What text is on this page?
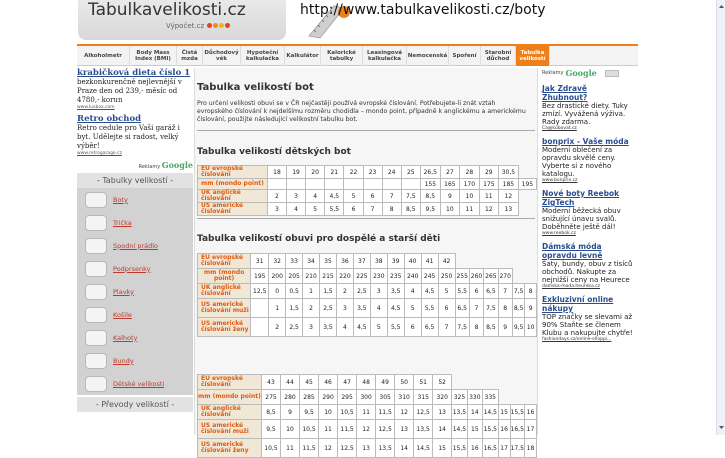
Tabulkavelikosti.cz
Výpočet.cz
http://www.tabulkavelikosti.cz/boty
Alkoholmetr	Body Mass Index (BMI)
Čistá mzda
Důchodový věk
Hypoteční kalkulačka	Kalkulátor	Kalorické tabulky
Leasingová kalkulačka	Nemocenská Spoření	Starobní důchod
Tabulka velikostí
krabičková dieta číslo 1
bezkonkurenčně nejlevnější v Praze den od 239,- měsíc od 4780,- korun
www.lusbox.com
Retro obchod
Retro cedule pro Vaši garáž i byt. Udělejte si radost, velký výběr!
www.retrogarage.cz
Reklamy Google
- Tabulky velikostí -
Boty
Trička
Spodní prádlo
Podprsenky
Plavky
Košile
Kalhoty
Bundy
Dětské velikosti
- Převody velikostí -
Tabulka velikostí bot
Pro určení velikosti obuvi se v ČR nejčastěji používá evropské číslování. Potřebujete-li znát vztah evropského číslování k nejdelšímu rozměru chodidla – mondo point, případně k anglickému a americkému číslování, použijte následující velikostní tabulku bot.
Tabulka velikostí dětských bot
EU evropské číslování	18	19	20	21	22	23	24	25	26,5	27	28	29	30,5	
mm (mondo point)									155	165	170	175	185	195
UK anglické číslování	2	3	4	4,5	5	6	7	7,5	8,5	9	10	11	12	
US americké číslování	3	4	5	5,5	6	7	8	8,5	9,5	10	11	12	13	
Tabulka velikostí obuvi pro dospělé a starší děti
EU evropské číslování	31	32	33	34	35	36	37	38	39	40	41	42						
mm (mondo point)	195	200	205	210	215	220	225	230	235	240	245	250	255	260	265	270		
UK anglické číslování	12,5	0	0,5	1	1,5	2	2,5	3	3,5	4	4,5	5	5,5	6	6,5	7	7,5	8
US americké číslování muži		1	1,5	2	2,5	3	3,5	4	4,5	5	5,5	6	6,5	7	7,5	8	8,5	9
US americké číslování ženy		2	2,5	3	3,5	4	4,5	5	5,5	6	6,5	7	7,5	8	8,5	9	9,5	10
EU evropské číslování	43	44	45	46	47	48	49	50	51	52						
mm (mondo point)	275	280	285	290	295	300	305	310	315	320	325	330	335			
UK anglické číslování	8,5	9	9,5	10	10,5	11	11,5	12	12,5	13	13,5	14	14,5	15	15,5	16
US americké číslování muži	9,5	10	10,5	11	11,5	12	12,5	13	13,5	14	14,5	15	15,5	16	16,5	17
US americké číslování ženy	10,5	11	11,5	12	12,5	13	13,5	14	14,5	15	15,5	16	16,5	17	17,5	18
Reklamy Google
Jak Zdravě Zhubnout?
Bez drastické diety. Tuky zmizí. Vyvážená výživa. Rady zdarma.
Ca@kubovat.cz
bonprix - Vaše móda
Moderní oblečení za opravdu skvělé ceny. Vyberte si z nového katalogu.
www.bonprix.cz
Nové boty Reebok ZigTech
Moderní běžecká obuv snižující únavu svalů. Doběhněte ještě dál!
www.reebok.cz
Dámská móda opravdu levně
Šaty, bundy, obuv z tisíců obchodů. Nakupte za nejnižší ceny na Heurece
damska-moda.heureka.cz
Exkluzivní online nákupy
TOP značky se slevami až 90% Staňte se členem Klubu a nakupujte chytře!
fashiondays.cz/online-shoppi...
